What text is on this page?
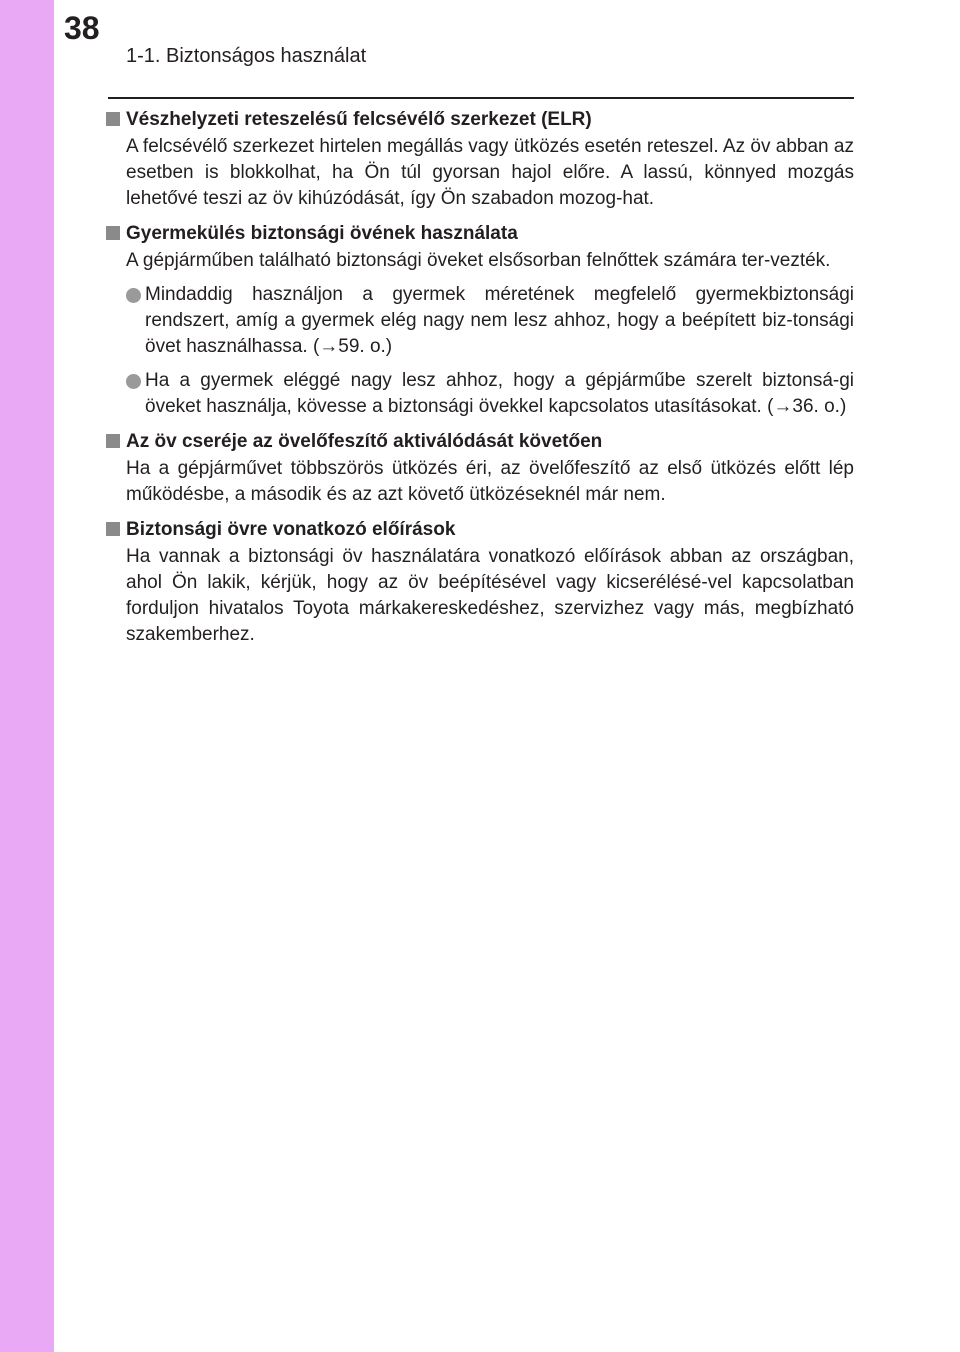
38
1-1. Biztonságos használat
Vészhelyzeti reteszelésű felcsévélő szerkezet (ELR)
A felcsévélő szerkezet hirtelen megállás vagy ütközés esetén reteszel. Az öv abban az esetben is blokkolhat, ha Ön túl gyorsan hajol előre. A lassú, könnyed mozgás lehetővé teszi az öv kihúzódását, így Ön szabadon mozog-hat.
Gyermekülés biztonsági övének használata
A gépjárműben található biztonsági öveket elsősorban felnőttek számára ter-vezték.
Mindaddig használjon a gyermek méretének megfelelő gyermekbiztonsági rendszert, amíg a gyermek elég nagy nem lesz ahhoz, hogy a beépített biz-tonsági övet használhassa. (→59. o.)
Ha a gyermek eléggé nagy lesz ahhoz, hogy a gépjárműbe szerelt biztonsá-gi öveket használja, kövesse a biztonsági övekkel kapcsolatos utasításokat. (→36. o.)
Az öv cseréje az övelőfeszítő aktiválódását követően
Ha a gépjárművet többszörös ütközés éri, az övelőfeszítő az első ütközés előtt lép működésbe, a második és az azt követő ütközéseknél már nem.
Biztonsági övre vonatkozó előírások
Ha vannak a biztonsági öv használatára vonatkozó előírások abban az országban, ahol Ön lakik, kérjük, hogy az öv beépítésével vagy kicserélésé-vel kapcsolatban forduljon hivatalos Toyota márkakereskedéshez, szervizhez vagy más, megbízható szakemberhez.
